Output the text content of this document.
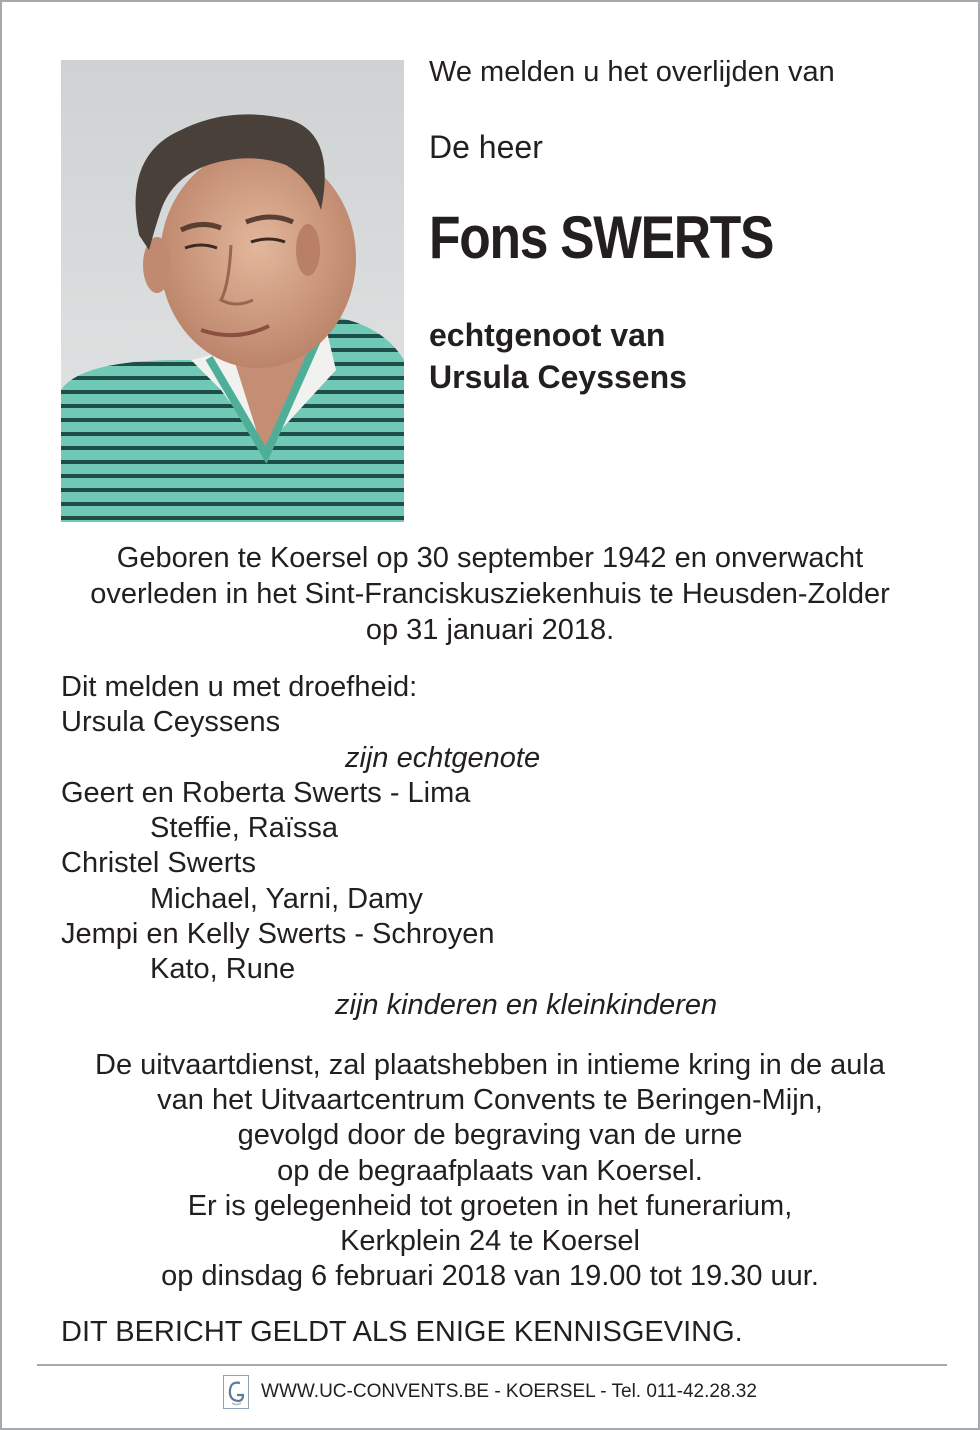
We melden u het overlijden van
De heer
Fons SWERTS
echtgenoot van
Ursula Ceyssens
Geboren te Koersel op 30 september 1942 en onverwacht
overleden in het Sint-Franciskusziekenhuis te Heusden-Zolder
op 31 januari 2018.
Dit melden u met droefheid:
Ursula Ceyssens
zijn echtgenote
Geert en Roberta Swerts - Lima
Steffie, Raïssa
Christel Swerts
Michael, Yarni, Damy
Jempi en Kelly Swerts - Schroyen
Kato, Rune
zijn kinderen en kleinkinderen
De uitvaartdienst, zal plaatshebben in intieme kring in de aula
van het Uitvaartcentrum Convents te Beringen-Mijn,
gevolgd door de begraving van de urne
op de begraafplaats van Koersel.
Er is gelegenheid tot groeten in het funerarium,
Kerkplein 24 te Koersel
op dinsdag 6 februari 2018 van 19.00 tot 19.30 uur.
DIT BERICHT GELDT ALS ENIGE KENNISGEVING.
WWW.UC-CONVENTS.BE - KOERSEL - Tel. 011-42.28.32
